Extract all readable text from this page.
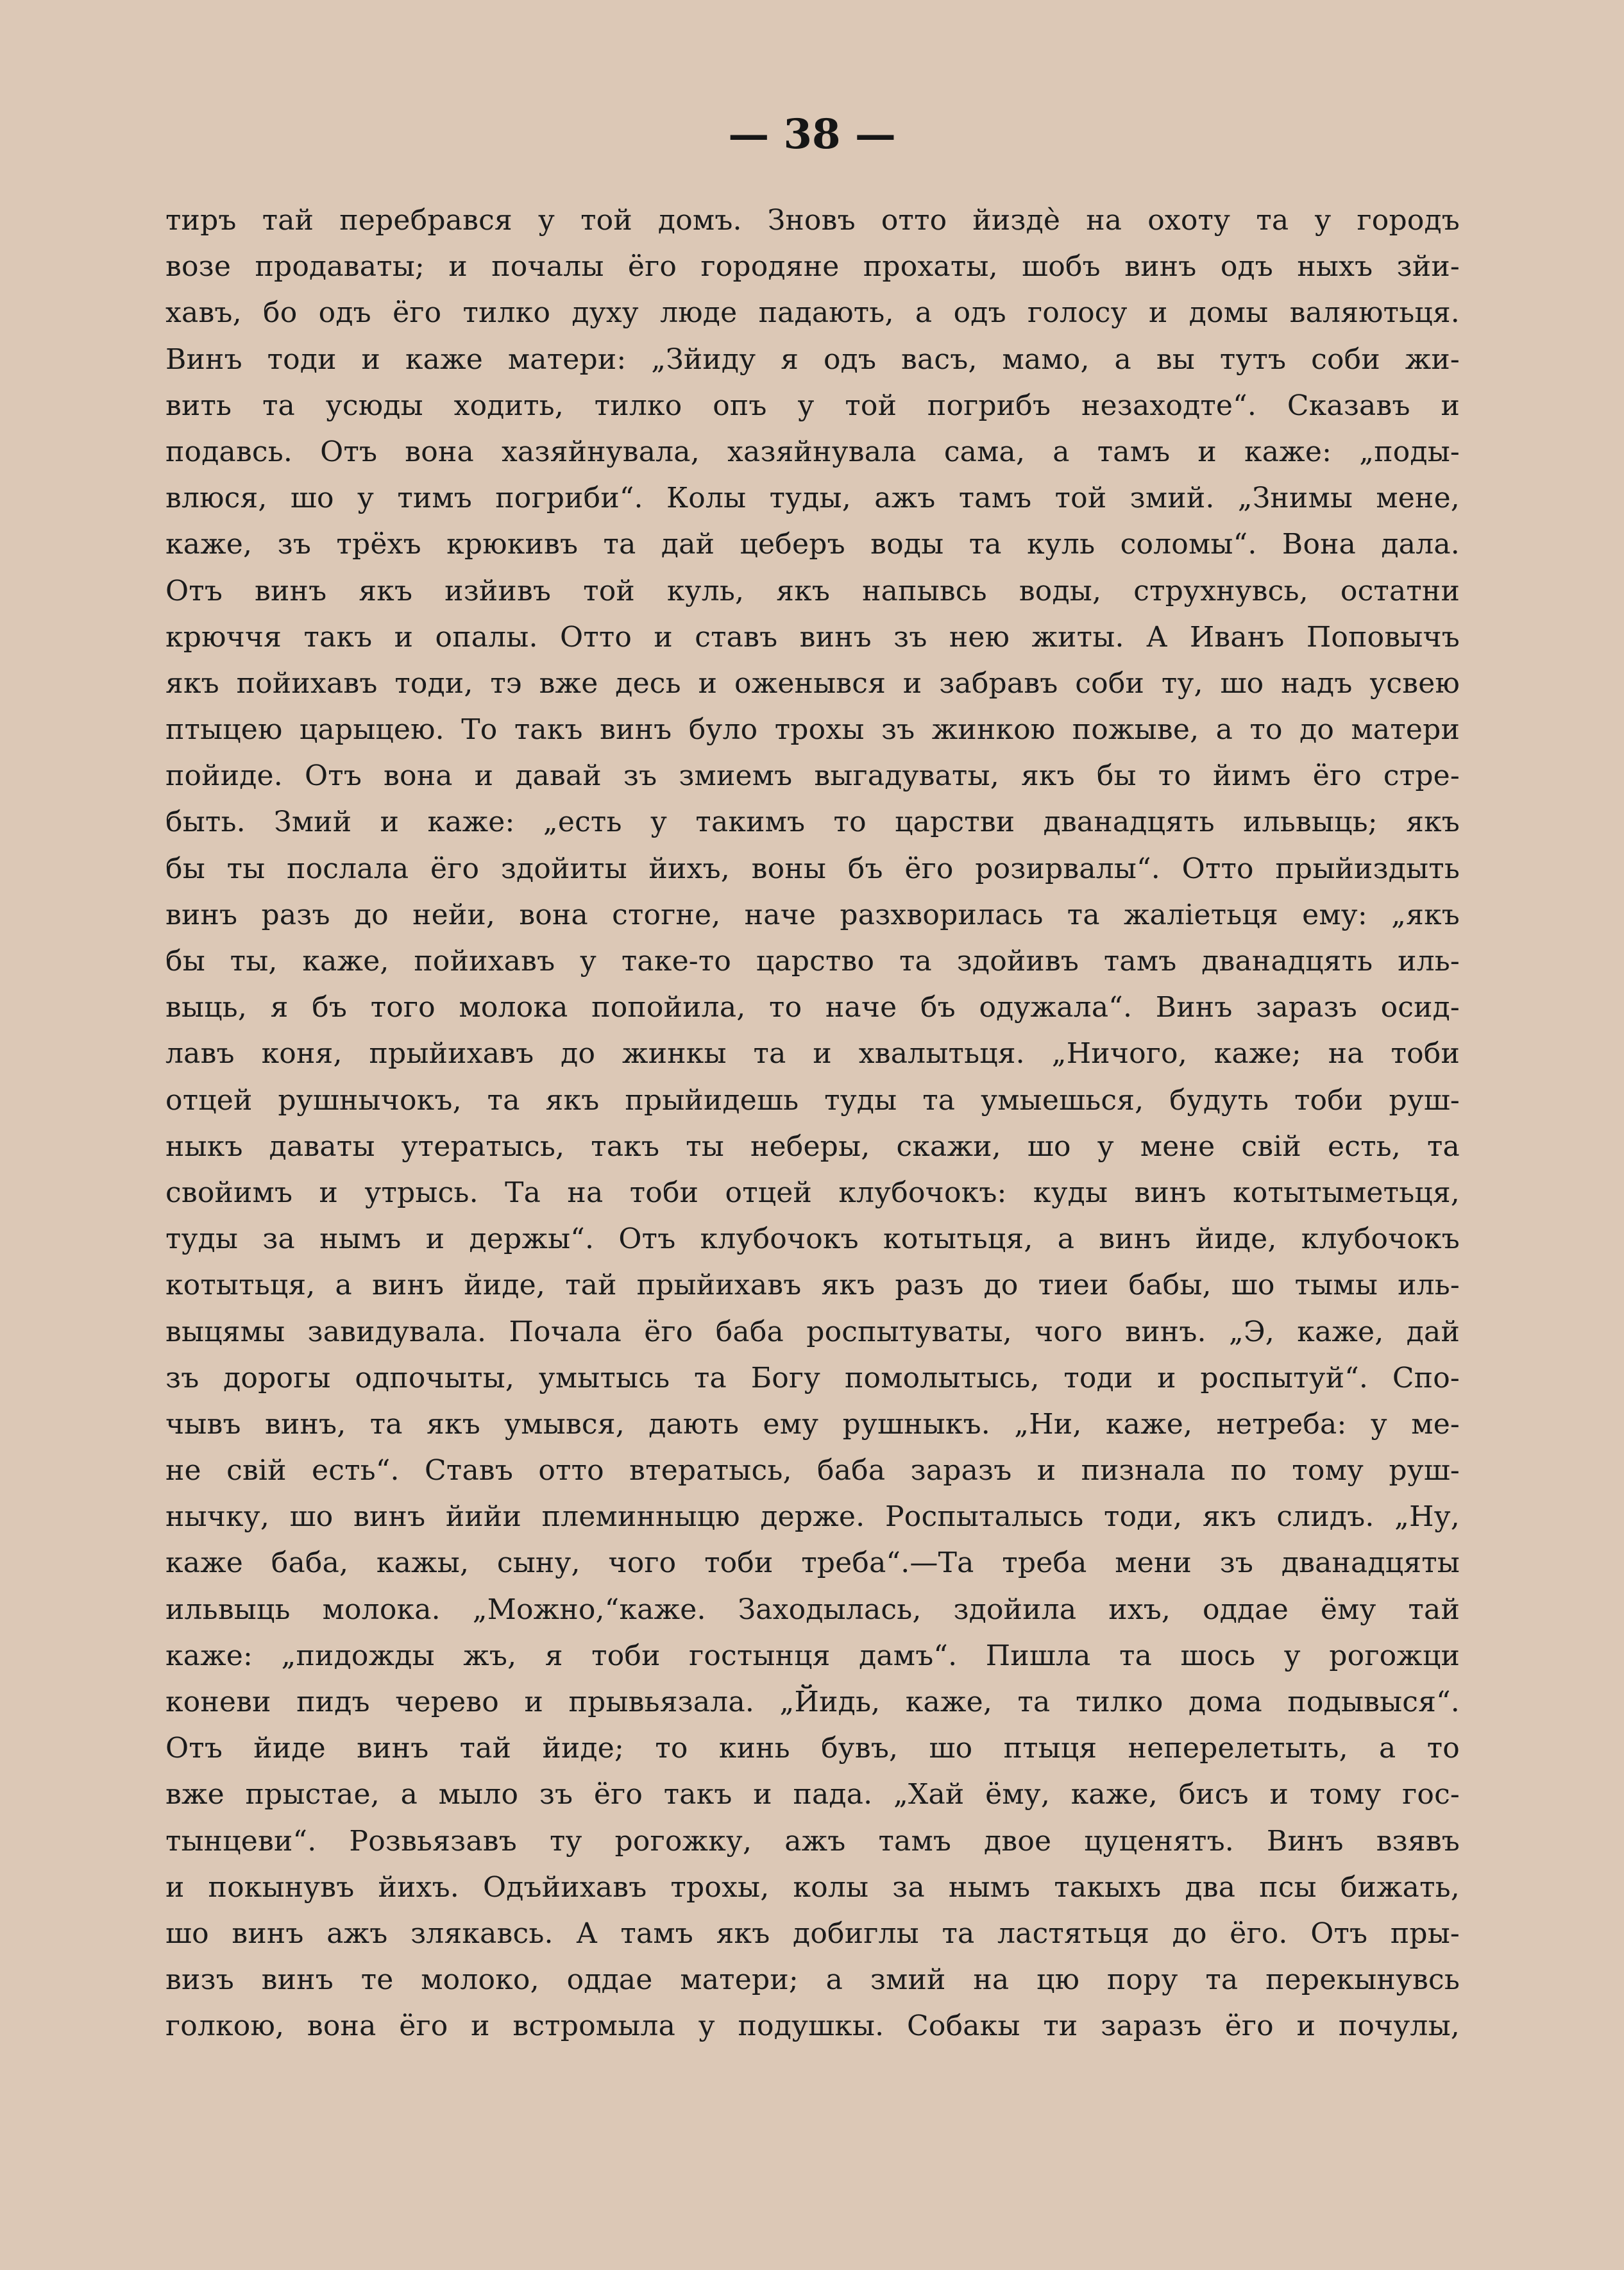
— 38 —
тиръ тай перебрався у той домъ. Зновъ отто йиздѐ на охоту та у городъ
возе продаваты; и почалы ёго городяне прохаты, шобъ винъ одъ ныхъ зйи-
хавъ, бо одъ ёго тилко духу люде падають, а одъ голосу и домы валяютьця.
Винъ тоди и каже матери: „Зйиду я одъ васъ, мамо, а вы тутъ соби жи-
вить та усюды ходить, тилко опъ у той погрибъ незаходте“. Сказавъ и
подавсь. Отъ вона хазяйнувала, хазяйнувала сама, а тамъ и каже: „поды-
влюся, шо у тимъ погриби“. Колы туды, ажъ тамъ той змий. „Знимы мене,
каже, зъ трёхъ крюкивъ та дай цеберъ воды та куль соломы“. Вона дала.
Отъ винъ якъ изйивъ той куль, якъ напывсь воды, струхнувсь, остатни
крюччя такъ и опалы. Отто и ставъ винъ зъ нею житы. А Иванъ Поповычъ
якъ пойихавъ тоди, тэ вже десь и оженывся и забравъ соби ту, шо надъ усвею
птыцею царыцею. То такъ винъ було трохы зъ жинкою пожыве, а то до матери
пойиде. Отъ вона и давай зъ змиемъ выгадуваты, якъ бы то йимъ ёго стре-
быть. Змий и каже: „есть у такимъ то царстви дванадцять ильвыць; якъ
бы ты послала ёго здойиты йихъ, воны бъ ёго розирвалы“. Отто прыйиздыть
винъ разъ до нейи, вона стогне, наче разхворилась та жаліетьця ему: „якъ
бы ты, каже, пойихавъ у таке-то царство та здойивъ тамъ дванадцять иль-
выць, я бъ того молока попойила, то наче бъ одужала“. Винъ заразъ осид-
лавъ коня, прыйихавъ до жинкы та и хвалытьця. „Ничого, каже; на тоби
отцей рушнычокъ, та якъ прыйидешь туды та умыешься, будуть тоби руш-
ныкъ даваты утератысь, такъ ты неберы, скажи, шо у мене свій есть, та
свойимъ и утрысь. Та на тоби отцей клубочокъ: куды винъ котытыметьця,
туды за нымъ и держы“. Отъ клубочокъ котытьця, а винъ йиде, клубочокъ
котытьця, а винъ йиде, тай прыйихавъ якъ разъ до тиеи бабы, шо тымы иль-
выцямы завидувала. Почала ёго баба роспытуваты, чого винъ. „Э, каже, дай
зъ дорогы одпочыты, умытысь та Богу помолытысь, тоди и роспытуй“. Спо-
чывъ винъ, та якъ умывся, дають ему рушныкъ. „Ни, каже, нетреба: у ме-
не свій есть“. Ставъ отто втератысь, баба заразъ и пизнала по тому руш-
нычку, шо винъ йийи племинныцю держе. Роспыталысь тоди, якъ слидъ. „Ну,
каже баба, кажы, сыну, чого тоби треба“.—Та треба мени зъ дванадцяты
ильвыць молока. „Можно,“каже. Заходылась, здойила ихъ, оддае ёму тай
каже: „пидожды жъ, я тоби гостынця дамъ“. Пишла та шось у рогожци
коневи пидъ черево и прывьязала. „Йидь, каже, та тилко дома подывыся“.
Отъ йиде винъ тай йиде; то кинь бувъ, шо птыця неперелетыть, а то
вже прыстае, а мыло зъ ёго такъ и пада. „Хай ёму, каже, бисъ и тому гос-
тынцеви“. Розвьязавъ ту рогожку, ажъ тамъ двое цуценятъ. Винъ взявъ
и покынувъ йихъ. Одъйихавъ трохы, колы за нымъ такыхъ два псы бижать,
шо винъ ажъ злякавсь. А тамъ якъ добиглы та ластятьця до ёго. Отъ пры-
визъ винъ те молоко, оддае матери; а змий на цю пору та перекынувсь
голкою, вона ёго и встромыла у подушкы. Собакы ти заразъ ёго и почулы,
